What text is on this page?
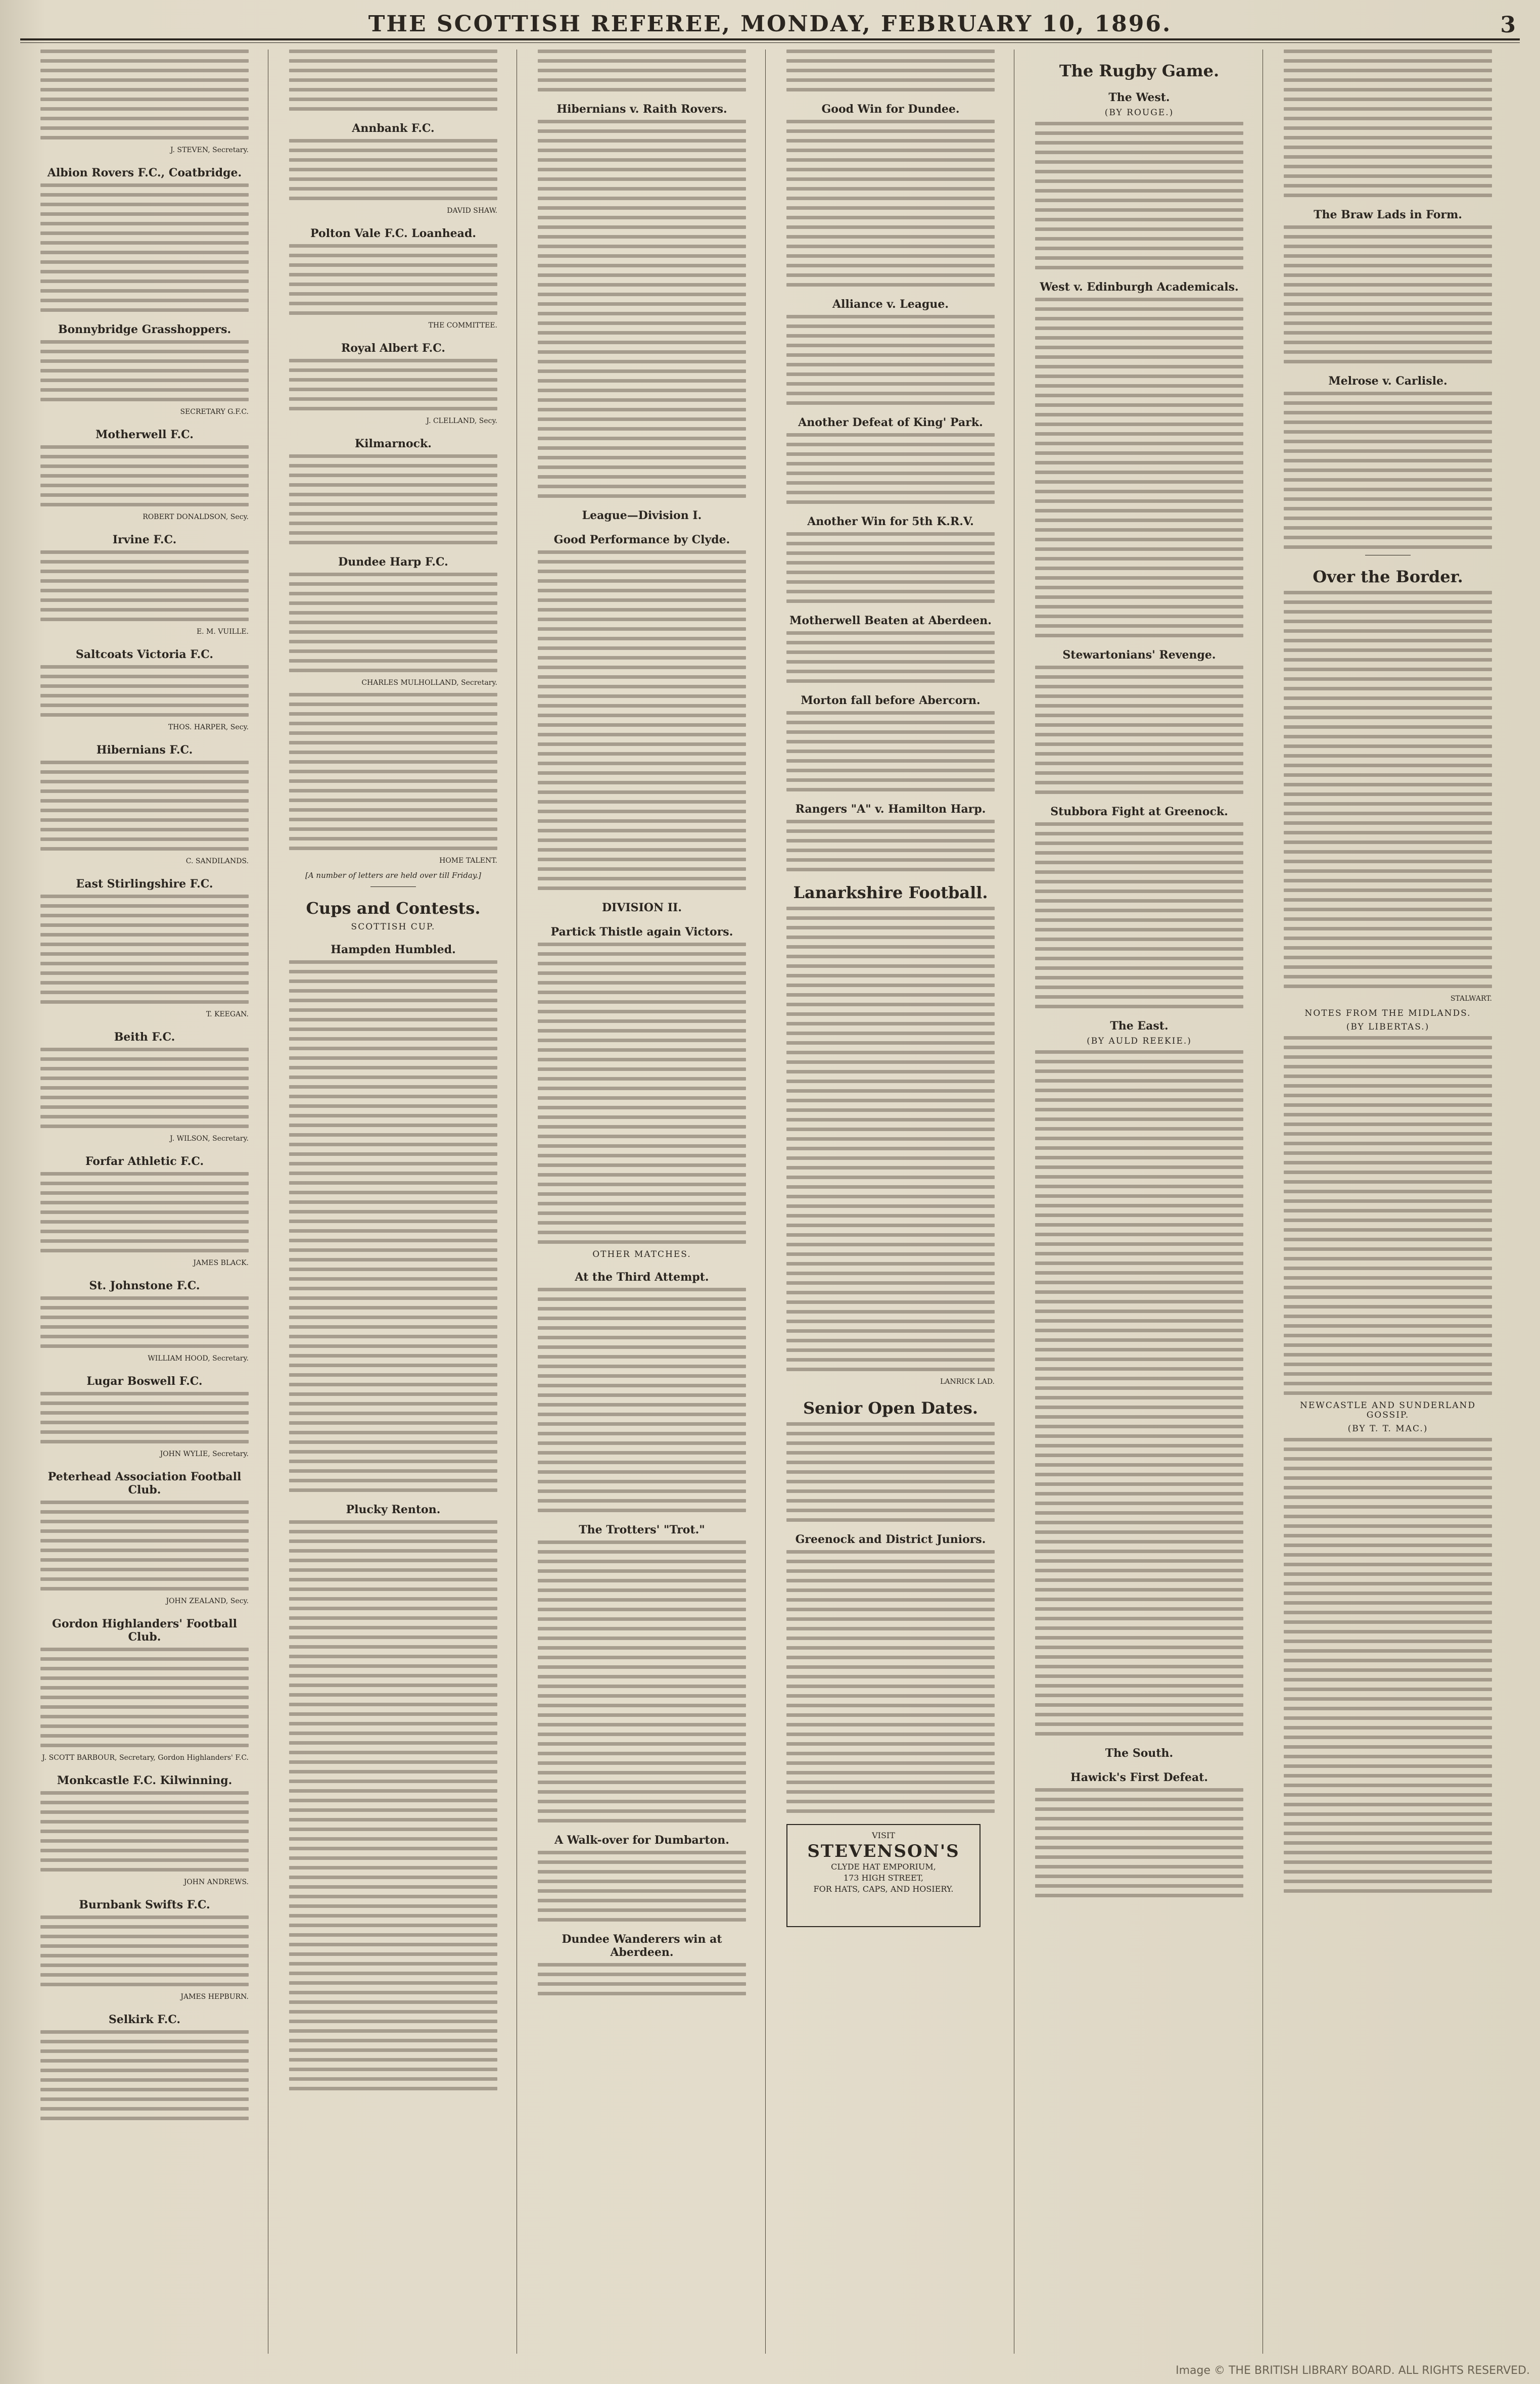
THE SCOTTISH REFEREE, MONDAY, FEBRUARY 10, 1896.	3
J. STEVEN, Secretary.
Albion Rovers F.C., Coatbridge.
Bonnybridge Grasshoppers.
SECRETARY G.F.C.
Motherwell F.C.
ROBERT DONALDSON, Secy.
Irvine F.C.
E. M. VUILLE.
Saltcoats Victoria F.C.
THOS. HARPER, Secy.
Hibernians F.C.
C. SANDILANDS.
East Stirlingshire F.C.
T. KEEGAN.
Beith F.C.
J. WILSON, Secretary.
Forfar Athletic F.C.
JAMES BLACK.
St. Johnstone F.C.
WILLIAM HOOD, Secretary.
Lugar Boswell F.C.
JOHN WYLIE, Secretary.
Peterhead Association Football Club.
JOHN ZEALAND, Secy.
Gordon Highlanders' Football Club.
J. SCOTT BARBOUR, Secretary, Gordon Highlanders' F.C.
Monkcastle F.C. Kilwinning.
JOHN ANDREWS.
Burnbank Swifts F.C.
JAMES HEPBURN.
Selkirk F.C.
Annbank F.C.
DAVID SHAW.
Polton Vale F.C. Loanhead.
THE COMMITTEE.
Royal Albert F.C.
J. CLELLAND, Secy.
Kilmarnock.
Dundee Harp F.C.
CHARLES MULHOLLAND, Secretary.
HOME TALENT.

[A number of letters are held over till Friday.]

Cups and Contests.
SCOTTISH CUP.
Hampden Humbled.
Plucky Renton.
Hibernians v. Raith Rovers.
League—Division I.
Good Performance by Clyde.
DIVISION II.
Partick Thistle again Victors.
OTHER MATCHES.
At the Third Attempt.
The Trotters' "Trot."
A Walk-over for Dumbarton.
Dundee Wanderers win at Aberdeen.
Good Win for Dundee.
Alliance v. League.
Another Defeat of King' Park.
Another Win for 5th K.R.V.
Motherwell Beaten at Aberdeen.
Morton fall before Abercorn.
Rangers "A" v. Hamilton Harp.
Lanarkshire Football.
LANRICK LAD.
Senior Open Dates.
Greenock and District Juniors.
VISIT
STEVENSON'S
CLYDE HAT EMPORIUM,
173 HIGH STREET,
FOR HATS, CAPS, AND HOSIERY.
The Rugby Game.
The West.
(BY ROUGE.)
West v. Edinburgh Academicals.
Stewartonians' Revenge.
Stubbora Fight at Greenock.
The East.
(BY AULD REEKIE.)
The South.
Hawick's First Defeat.
The Braw Lads in Form.
Melrose v. Carlisle.
Over the Border.
STALWART.
NOTES FROM THE MIDLANDS.
(BY LIBERTAS.)
NEWCASTLE AND SUNDERLAND GOSSIP.
(BY T. T. MAC.)
Image © THE BRITISH LIBRARY BOARD. ALL RIGHTS RESERVED.
